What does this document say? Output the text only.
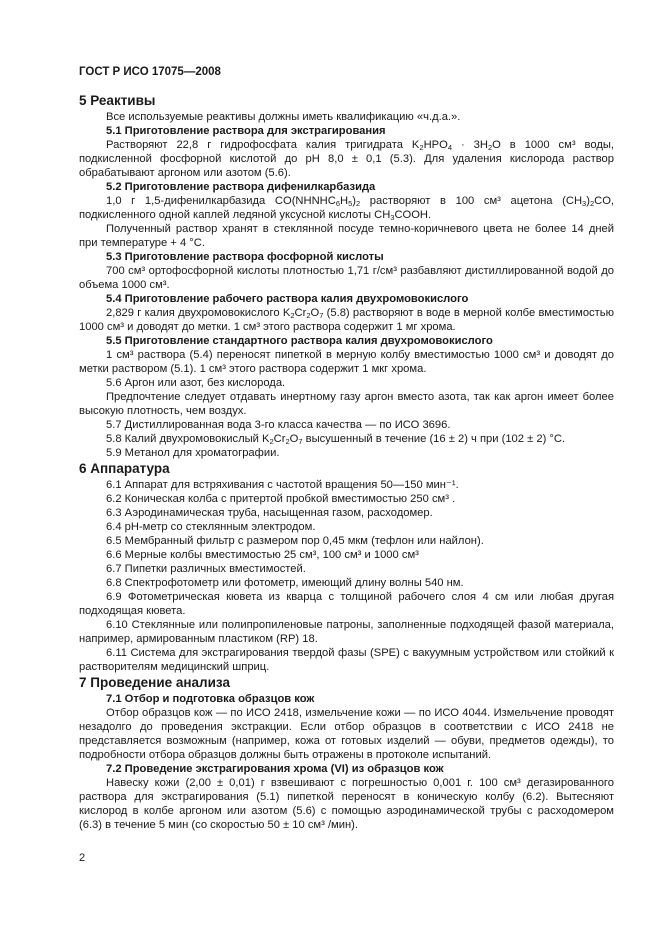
ГОСТ Р ИСО 17075—2008
5 Реактивы

Все используемые реактивы должны иметь квалификацию «ч.д.а.».

5.1 Приготовление раствора для экстрагирования

Растворяют 22,8 г гидрофосфата калия тригидрата $K_2HPO_4 \cdot 3H_2O$ в 1000 см³ воды, подкисленной фосфорной кислотой до pH 8,0 ± 0,1 (5.3). Для удаления кислорода раствор обрабатывают аргоном или азотом (5.6).

5.2 Приготовление раствора дифенилкарбазида

1,0 г 1,5-дифенилкарбазида $CO(NHNHC_6H_5)_2$ растворяют в 100 см³ ацетона $(CH_3)_2CO$, подкисленного одной каплей ледяной уксусной кислоты $CH_3COOH$.

Полученный раствор хранят в стеклянной посуде темно-коричневого цвета не более 14 дней при температуре + 4 °С.

5.3 Приготовление раствора фосфорной кислоты

700 см³ ортофосфорной кислоты плотностью 1,71 г/см³ разбавляют дистиллированной водой до объема 1000 см³.

5.4 Приготовление рабочего раствора калия двухромовокислого

2,829 г калия двухромовокислого $K_2Cr_2O_7$ (5.8) растворяют в воде в мерной колбе вместимостью 1000 см³ и доводят до метки. 1 см³ этого раствора содержит 1 мг хрома.

5.5 Приготовление стандартного раствора калия двухромовокислого

1 см³ раствора (5.4) переносят пипеткой в мерную колбу вместимостью 1000 см³ и доводят до метки раствором (5.1). 1 см³ этого раствора содержит 1 мкг хрома.

5.6 Аргон или азот, без кислорода.

Предпочтение следует отдавать инертному газу аргон вместо азота, так как аргон имеет более высокую плотность, чем воздух.

5.7 Дистиллированная вода 3-го класса качества — по ИСО 3696.

5.8 Калий двухромовокислый $K_2Cr_2O_7$ высушенный в течение (16 ± 2) ч при (102 ± 2) °С.

5.9 Метанол для хроматографии.

6 Аппаратура

6.1 Аппарат для встряхивания с частотой вращения 50—150 мин⁻¹.

6.2 Коническая колба с притертой пробкой вместимостью 250 см³ .

6.3 Аэродинамическая труба, насыщенная газом, расходомер.

6.4 pH-метр со стеклянным электродом.

6.5 Мембранный фильтр с размером пор 0,45 мкм (тефлон или найлон).

6.6 Мерные колбы вместимостью 25 см³, 100 см³ и 1000 см³

6.7 Пипетки различных вместимостей.

6.8 Спектрофотометр или фотометр, имеющий длину волны 540 нм.

6.9 Фотометрическая кювета из кварца с толщиной рабочего слоя 4 см или любая другая подходящая кювета.

6.10 Стеклянные или полипропиленовые патроны, заполненные подходящей фазой материала, например, армированным пластиком (RP) 18.

6.11 Система для экстрагирования твердой фазы (SPE) с вакуумным устройством или стойкий к растворителям медицинский шприц.

7 Проведение анализа

7.1 Отбор и подготовка образцов кож

Отбор образцов кож — по ИСО 2418, измельчение кожи — по ИСО 4044. Измельчение проводят незадолго до проведения экстракции. Если отбор образцов в соответствии с ИСО 2418 не представляется возможным (например, кожа от готовых изделий — обуви, предметов одежды), то подробности отбора образцов должны быть отражены в протоколе испытаний.

7.2 Проведение экстрагирования хрома (VI) из образцов кож

Навеску кожи (2,00 ± 0,01) г взвешивают с погрешностью 0,001 г. 100 см³ дегазированного раствора для экстрагирования (5.1) пипеткой переносят в коническую колбу (6.2). Вытесняют кислород в колбе аргоном или азотом (5.6) с помощью аэродинамической трубы с расходомером (6.3) в течение 5 мин (со скоростью 50 ± 10 см³ /мин).

2
